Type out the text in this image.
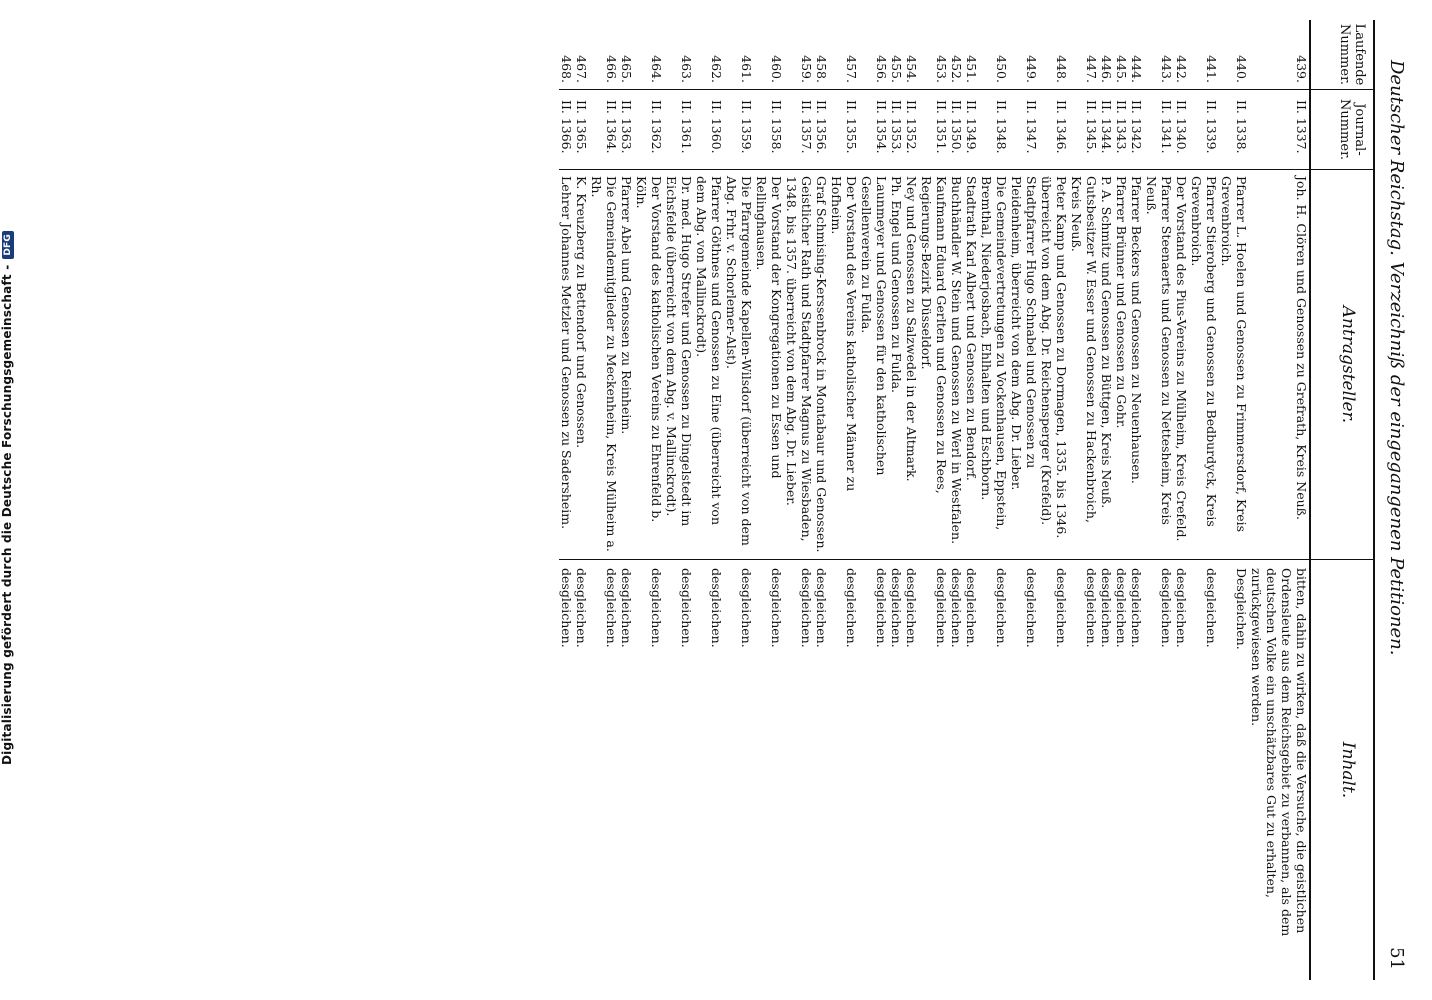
Digitalisierung gefördert durch die Deutsche Forschungsgemeinschaft -DFG	Deutscher Reichstag. Verzeichniß der eingegangenen Petitionen.
51
Laufende Nummer.
Journal-Nummer.
Antragsteller.
Inhalt.
439.
II. 1337.
Joh. H. Clören und Genossen zu Grefrath, Kreis Neuß.
bitten, dahin zu wirken, daß die Versuche, die geistlichen Ordensleute aus dem Reichsgebiet zu verbannen, als dem deutschen Volke ein unschätzbares Gut zu erhalten, zurückgewiesen werden.
440.
II. 1338.
Pfarrer L. Hoelen und Genossen zu Frimmersdorf, Kreis Grevenbroich.
Desgleichen.
441.
II. 1339.
Pfarrer Stieroberg und Genossen zu Bedburdyck, Kreis Grevenbroich.
desgleichen.
442.
II. 1340.
Der Vorstand des Pius-Vereins zu Mülheim, Kreis Crefeld.
desgleichen.
443.
II. 1341.
Pfarrer Steenaerts und Genossen zu Nettesheim, Kreis Neuß.
desgleichen.
444.
II. 1342.
Pfarrer Beckers und Genossen zu Neuenhausen.
desgleichen.
445.
II. 1343.
Pfarrer Brünner und Genossen zu Gohr.
desgleichen.
446.
II. 1344.
P. A. Schmitz und Genossen zu Büttgen, Kreis Neuß.
desgleichen.
447.
II. 1345.
Gutsbesitzer W. Esser und Genossen zu Hackenbroich, Kreis Neuß.
desgleichen.
448.
II. 1346.
Peter Kamp und Genossen zu Dormagen, 1335. bis 1346. überreicht von dem Abg. Dr. Reichensperger (Krefeld).
desgleichen.
449.
II. 1347.
Stadtpfarrer Hugo Schnabel und Genossen zu Pleidenheim, überreicht von dem Abg. Dr. Lieber.
desgleichen.
450.
II. 1348.
Die Gemeindevertretungen zu Vockenhausen, Eppstein, Bremthal, Niederjosbach, Ehlhalten und Eschborn.
desgleichen.
451.
II. 1349.
Stadtrath Karl Albert und Genossen zu Bendorf.
desgleichen.
452.
II. 1350.
Buchhändler W. Stein und Genossen zu Werl in Westfalen.
desgleichen.
453.
II. 1351.
Kaufmann Eduard Gerlten und Genossen zu Rees, Regierungs-Bezirk Düsseldorf.
desgleichen.
454.
II. 1352.
Ney und Genossen zu Salzwedel in der Altmark.
desgleichen.
455.
II. 1353.
Ph. Engel und Genossen zu Fulda.
desgleichen.
456.
II. 1354.
Launmeyer und Genossen für den katholischen Gesellenverein zu Fulda.
desgleichen.
457.
II. 1355.
Der Vorstand des Vereins katholischer Männer zu Hofheim.
desgleichen.
458.
II. 1356.
Graf Schmising-Kerssenbrock in Montabaur und Genossen.
desgleichen.
459.
II. 1357.
Geistlicher Rath und Stadtpfarrer Magnus zu Wiesbaden, 1348. bis 1357. überreicht von dem Abg. Dr. Lieber.
desgleichen.
460.
II. 1358.
Der Vorstand der Kongregationen zu Essen und Rellinghausen.
desgleichen.
461.
II. 1359.
Die Pfarrgemeinde Kapellen-Wilsdorf (überreicht von dem Abg. Frhr. v. Schorlemer-Alst).
desgleichen.
462.
II. 1360.
Pfarrer Göthnes und Genossen zu Eine (überreicht von dem Abg. von Mallinckrodt).
desgleichen.
463.
II. 1361.
Dr. med. Hugo Strefer und Genossen zu Dingelstedt im Eichsfelde (überreicht von dem Abg. v. Mallinckrodt).
desgleichen.
464.
II. 1362.
Der Vorstand des katholischen Vereins zu Ehrenfeld b. Köln.
desgleichen.
465.
II. 1363.
Pfarrer Abel und Genossen zu Reinheim.
desgleichen.
466.
II. 1364.
Die Gemeindemitglieder zu Meckenheim, Kreis Mülheim a. Rh.
desgleichen.
467.
II. 1365.
K. Kreuzberg zu Bettendorf und Genossen.
desgleichen.
468.
II. 1366.
Lehrer Johannes Metzler und Genossen zu Sadersheim.
desgleichen.
